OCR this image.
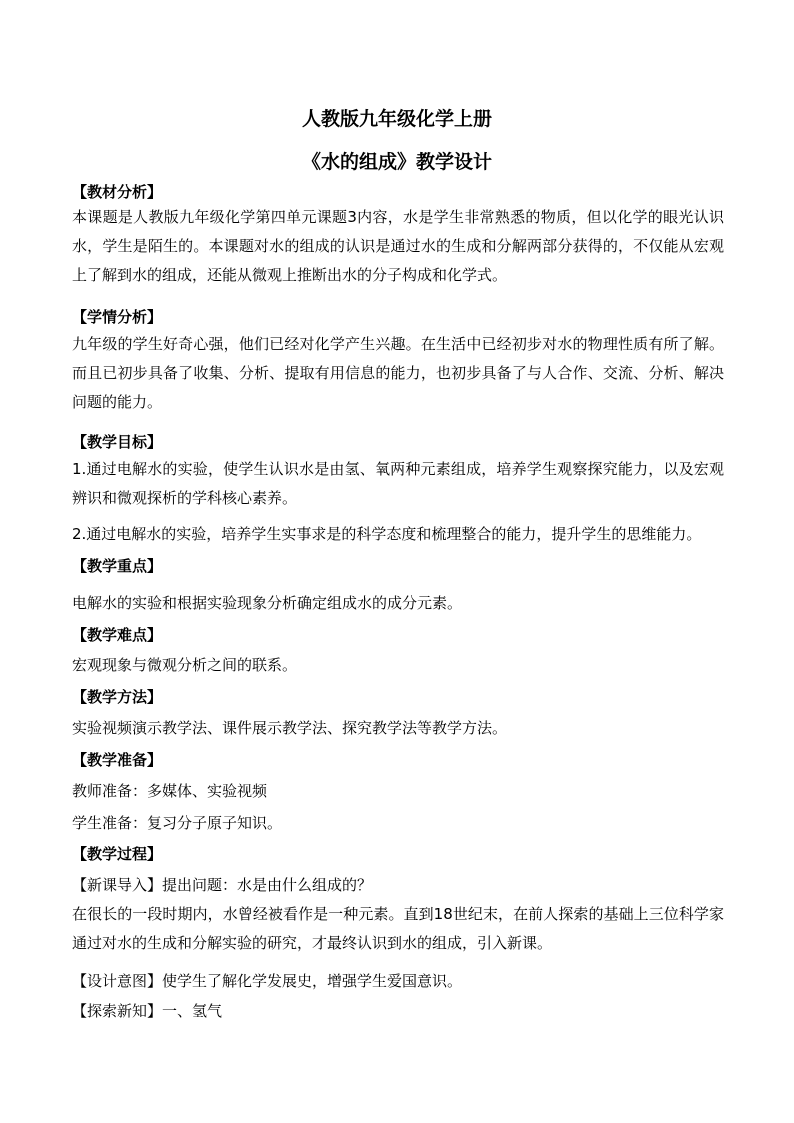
人教版九年级化学上册
《水的组成》教学设计
【教材分析】
本课题是人教版九年级化学第四单元课题3内容，水是学生非常熟悉的物质，但以化学的眼光认识水，学生是陌生的。本课题对水的组成的认识是通过水的生成和分解两部分获得的，不仅能从宏观上了解到水的组成，还能从微观上推断出水的分子构成和化学式。
【学情分析】
九年级的学生好奇心强，他们已经对化学产生兴趣。在生活中已经初步对水的物理性质有所了解。而且已初步具备了收集、分析、提取有用信息的能力，也初步具备了与人合作、交流、分析、解决问题的能力。
【教学目标】
1.通过电解水的实验，使学生认识水是由氢、氧两种元素组成，培养学生观察探究能力，以及宏观辨识和微观探析的学科核心素养。
2.通过电解水的实验，培养学生实事求是的科学态度和梳理整合的能力，提升学生的思维能力。
【教学重点】
电解水的实验和根据实验现象分析确定组成水的成分元素。
【教学难点】
宏观现象与微观分析之间的联系。
【教学方法】
实验视频演示教学法、课件展示教学法、探究教学法等教学方法。
【教学准备】
教师准备：多媒体、实验视频
学生准备：复习分子原子知识。
【教学过程】
【新课导入】提出问题：水是由什么组成的？
在很长的一段时期内，水曾经被看作是一种元素。直到18世纪末，在前人探索的基础上三位科学家通过对水的生成和分解实验的研究，才最终认识到水的组成，引入新课。
【设计意图】使学生了解化学发展史，增强学生爱国意识。
【探索新知】一、氢气
